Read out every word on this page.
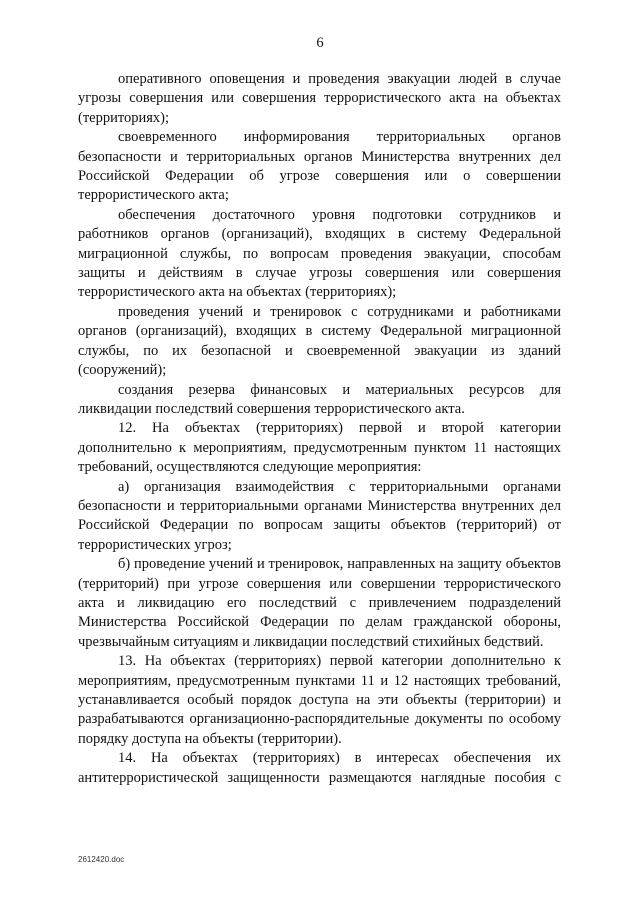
6

оперативного оповещения и проведения эвакуации людей в случае угрозы совершения или совершения террористического акта на объектах (территориях);

своевременного информирования территориальных органов безопасности и территориальных органов Министерства внутренних дел Российской Федерации об угрозе совершения или о совершении террористического акта;

обеспечения достаточного уровня подготовки сотрудников и работников органов (организаций), входящих в систему Федеральной миграционной службы, по вопросам проведения эвакуации, способам защиты и действиям в случае угрозы совершения или совершения террористического акта на объектах (территориях);

проведения учений и тренировок с сотрудниками и работниками органов (организаций), входящих в систему Федеральной миграционной службы, по их безопасной и своевременной эвакуации из зданий (сооружений);

создания резерва финансовых и материальных ресурсов для ликвидации последствий совершения террористического акта.

12. На объектах (территориях) первой и второй категории дополнительно к мероприятиям, предусмотренным пунктом 11 настоящих требований, осуществляются следующие мероприятия:

а) организация взаимодействия с территориальными органами безопасности и территориальными органами Министерства внутренних дел Российской Федерации по вопросам защиты объектов (территорий) от террористических угроз;

б) проведение учений и тренировок, направленных на защиту объектов (территорий) при угрозе совершения или совершении террористического акта и ликвидацию его последствий с привлечением подразделений Министерства Российской Федерации по делам гражданской обороны, чрезвычайным ситуациям и ликвидации последствий стихийных бедствий.

13. На объектах (территориях) первой категории дополнительно к мероприятиям, предусмотренным пунктами 11 и 12 настоящих требований, устанавливается особый порядок доступа на эти объекты (территории) и разрабатываются организационно-распорядительные документы по особому порядку доступа на объекты (территории).

14. На объектах (территориях) в интересах обеспечения их антитеррористической защищенности размещаются наглядные пособия с

2612420.doc
